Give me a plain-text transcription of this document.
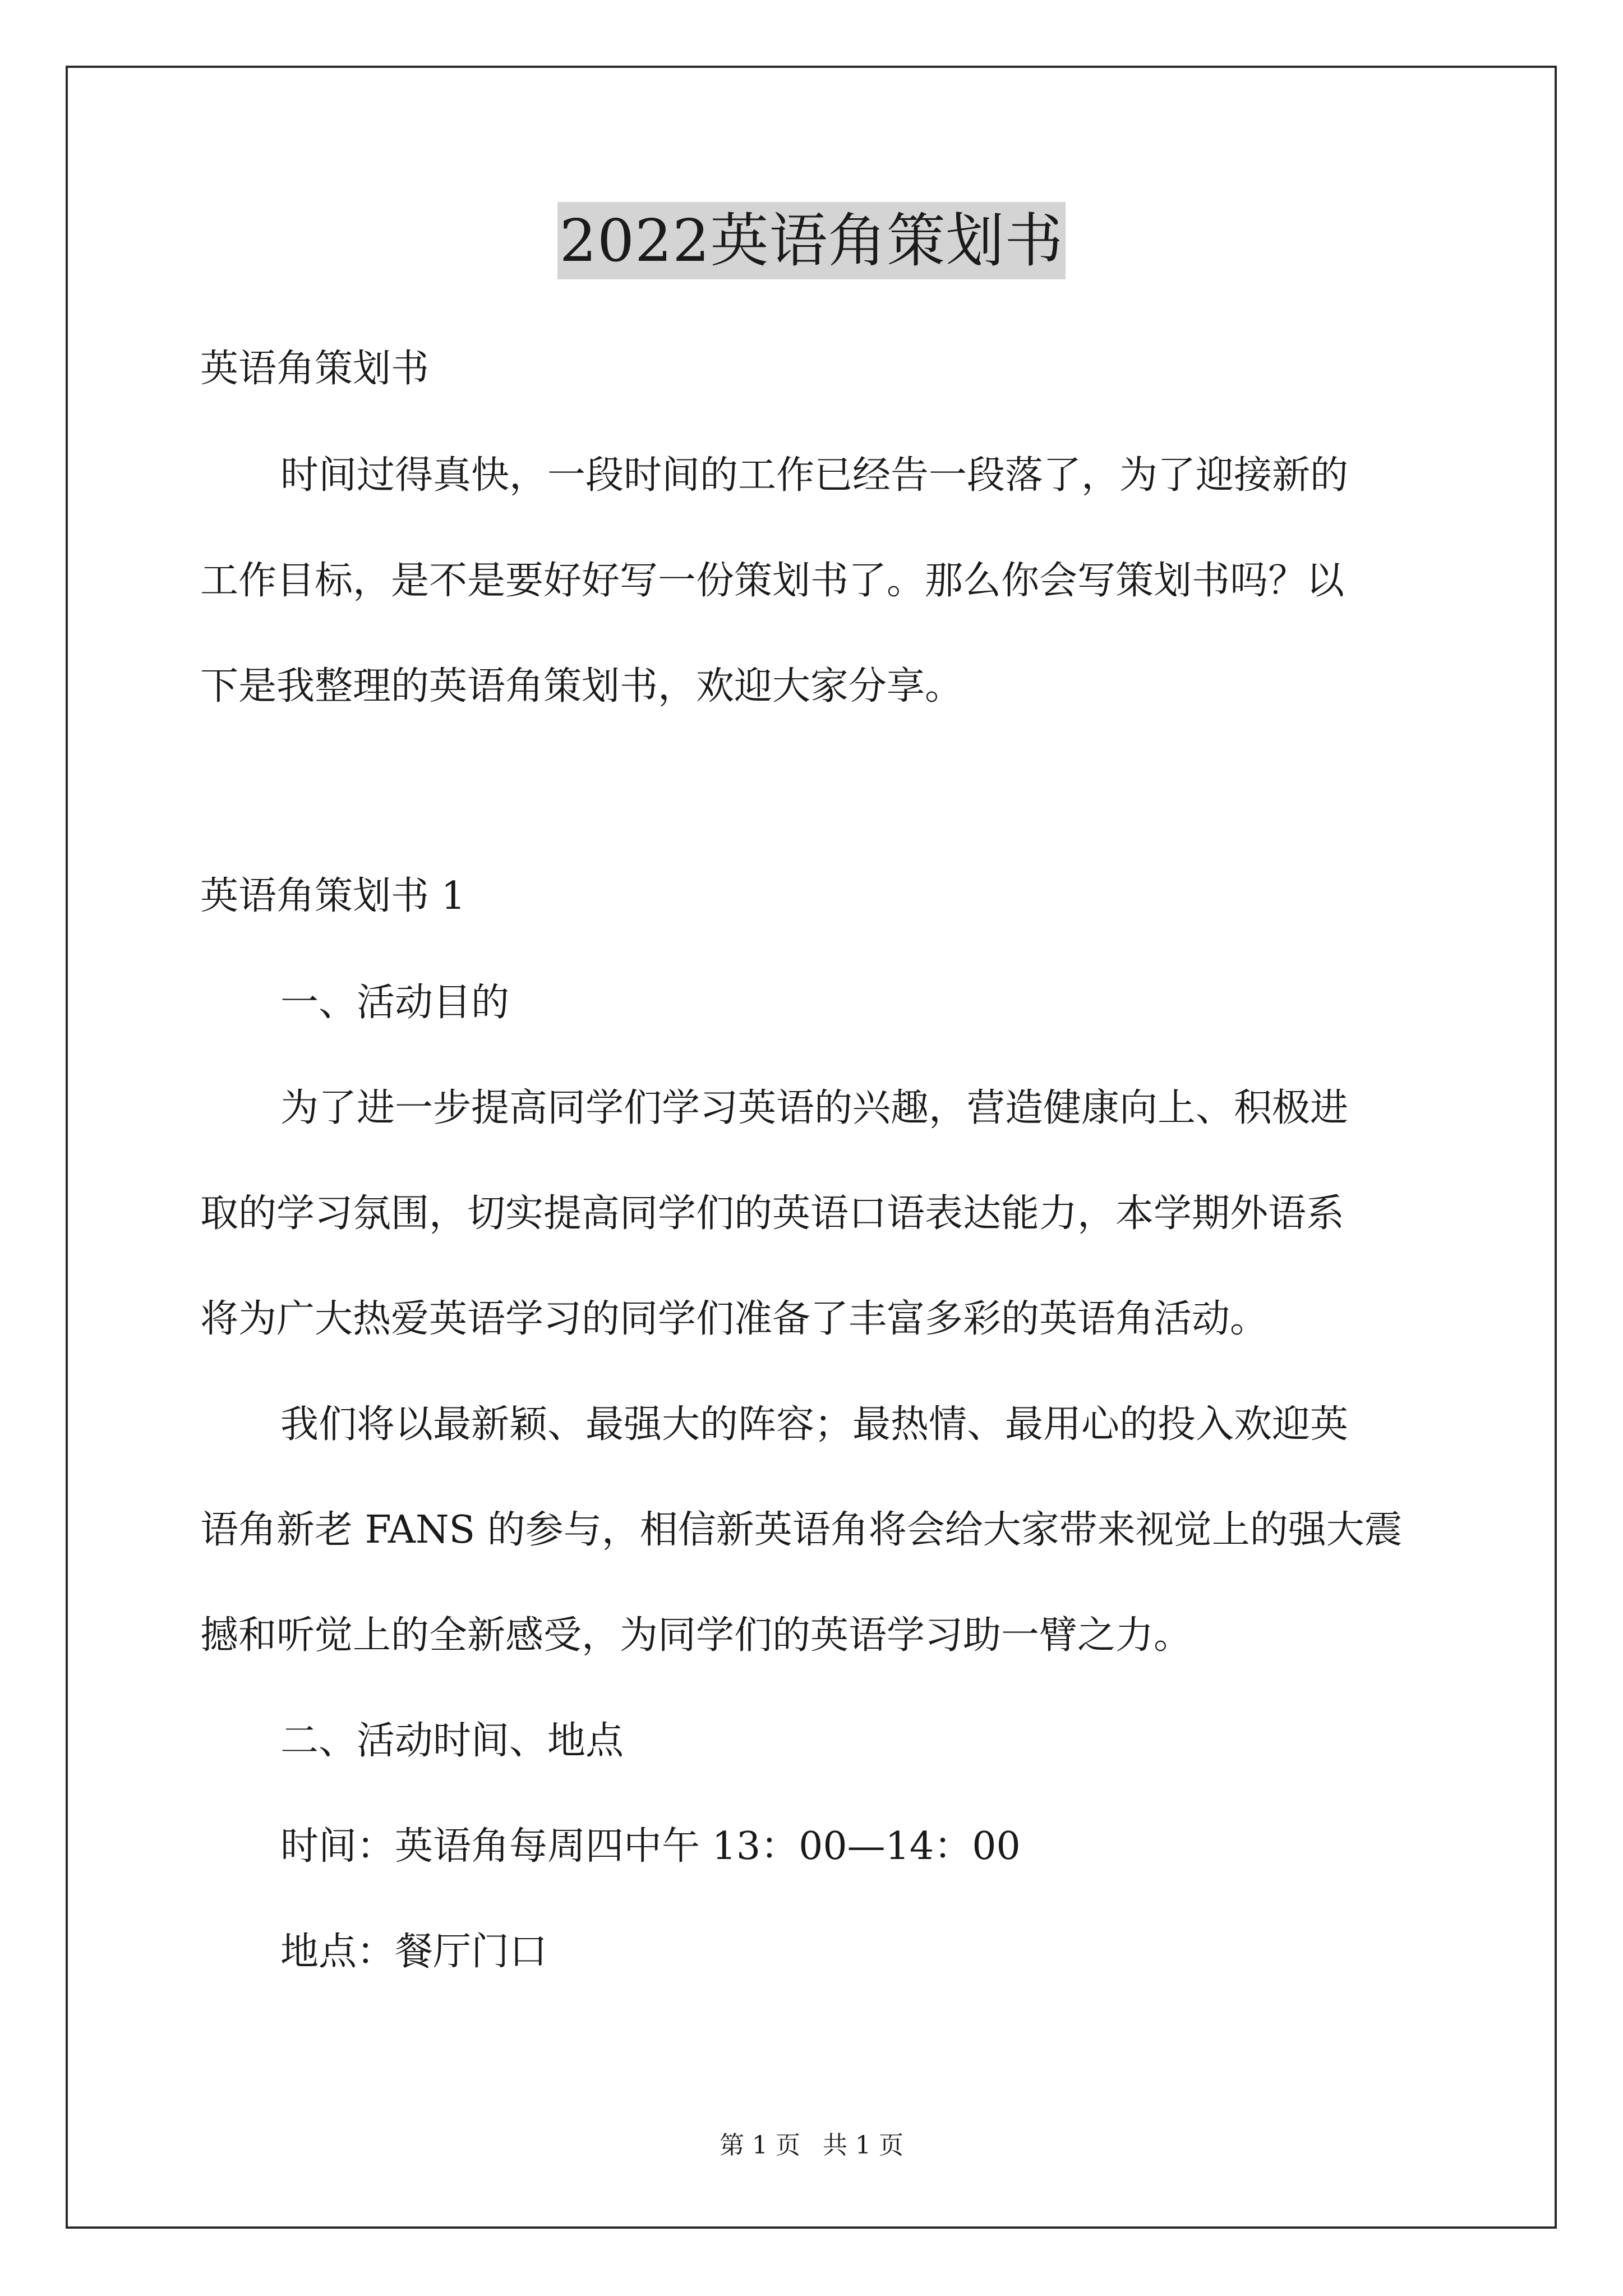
2022英语角策划书
英语角策划书
时间过得真快，一段时间的工作已经告一段落了，为了迎接新的
工作目标，是不是要好好写一份策划书了。那么你会写策划书吗？以
下是我整理的英语角策划书，欢迎大家分享。
英语角策划书 1
一、活动目的
为了进一步提高同学们学习英语的兴趣，营造健康向上、积极进
取的学习氛围，切实提高同学们的英语口语表达能力，本学期外语系
将为广大热爱英语学习的同学们准备了丰富多彩的英语角活动。
我们将以最新颖、最强大的阵容；最热情、最用心的投入欢迎英
语角新老 FANS 的参与，相信新英语角将会给大家带来视觉上的强大震
撼和听觉上的全新感受，为同学们的英语学习助一臂之力。
二、活动时间、地点
时间：英语角每周四中午 13：00—14：00
地点：餐厅门口
第 1 页 共 1 页
